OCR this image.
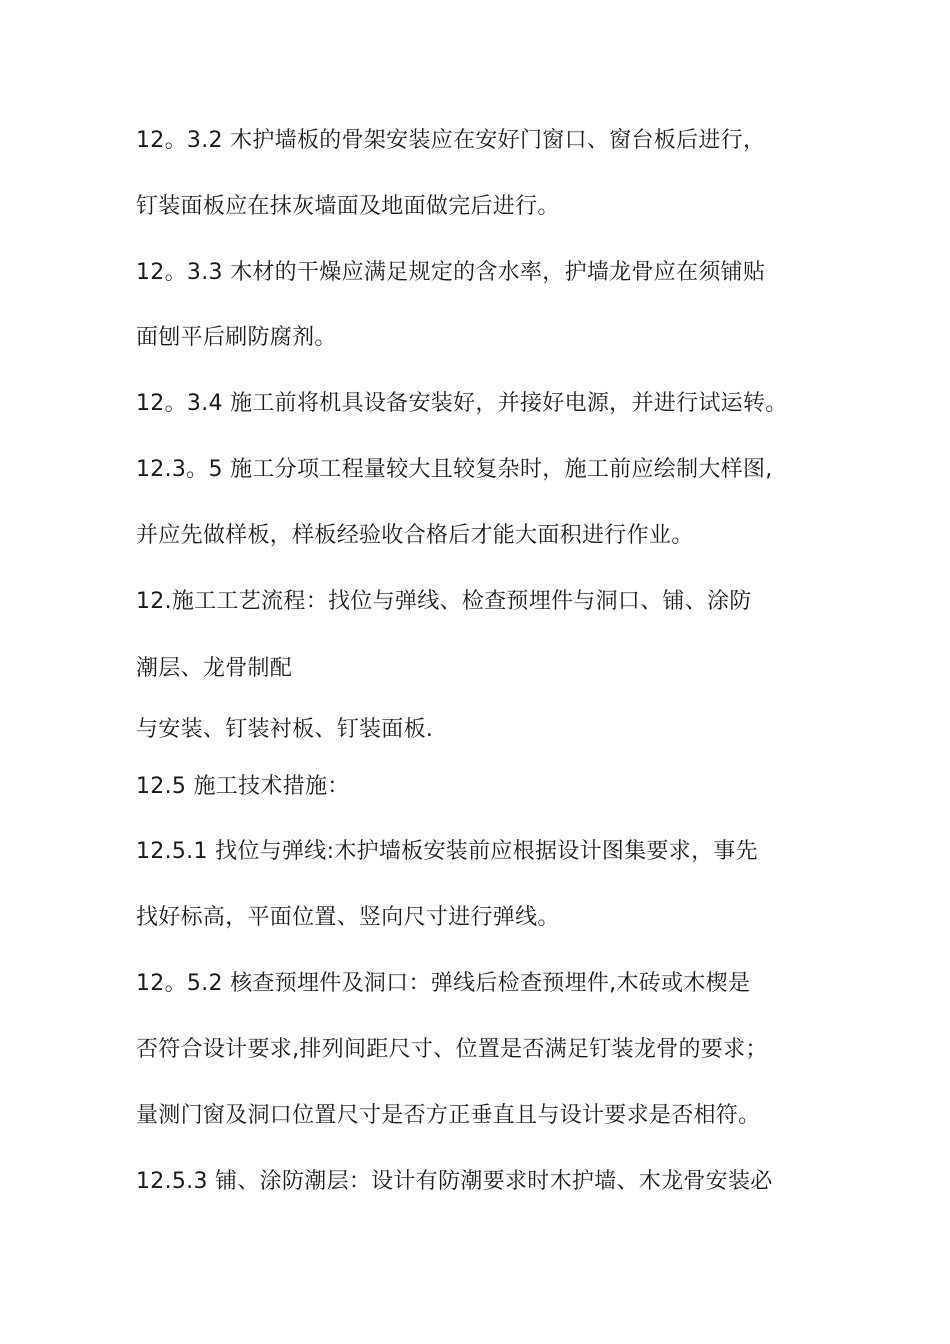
12。3.2 木护墙板的骨架安装应在安好门窗口、窗台板后进行，
钉装面板应在抹灰墙面及地面做完后进行。
12。3.3 木材的干燥应满足规定的含水率，护墙龙骨应在须铺贴
面刨平后刷防腐剂。
12。3.4 施工前将机具设备安装好，并接好电源，并进行试运转。
12.3。5 施工分项工程量较大且较复杂时，施工前应绘制大样图,
并应先做样板，样板经验收合格后才能大面积进行作业。
12.施工工艺流程：找位与弹线、检查预埋件与洞口、铺、涂防
潮层、龙骨制配
与安装、钉装衬板、钉装面板.
12.5 施工技术措施：
12.5.1 找位与弹线:木护墙板安装前应根据设计图集要求，事先
找好标高，平面位置、竖向尺寸进行弹线。
12。5.2 核查预埋件及洞口：弹线后检查预埋件,木砖或木楔是
否符合设计要求,排列间距尺寸、位置是否满足钉装龙骨的要求；
量测门窗及洞口位置尺寸是否方正垂直且与设计要求是否相符。
12.5.3 铺、涂防潮层：设计有防潮要求时木护墙、木龙骨安装必
